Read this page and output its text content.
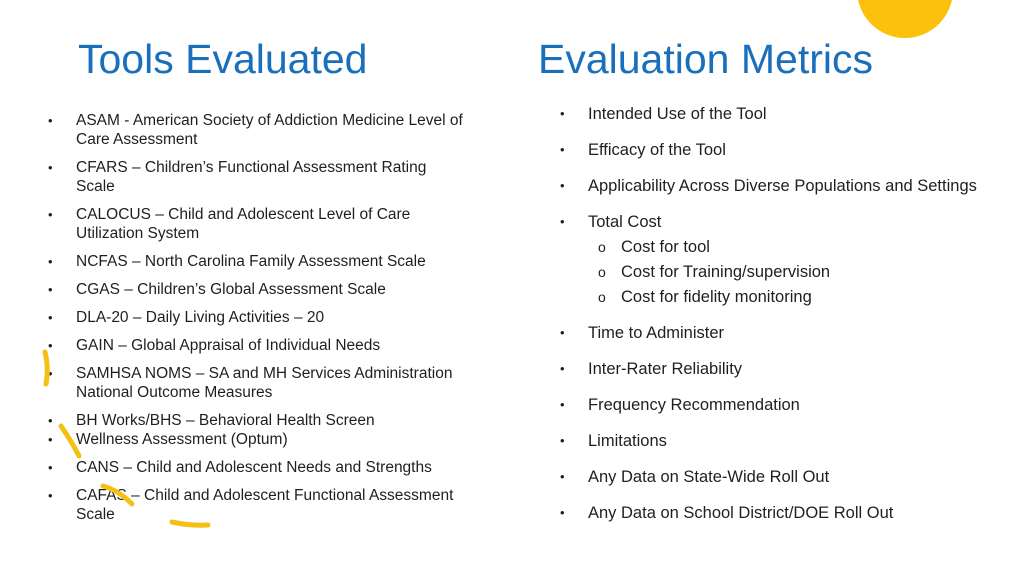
Tools Evaluated	Evaluation Metrics
•	ASAM - American Society of Addiction Medicine Level of Care Assessment
•	CFARS – Children’s Functional Assessment Rating Scale
•	CALOCUS – Child and Adolescent Level of Care Utilization System
•	NCFAS – North Carolina Family Assessment Scale
•	CGAS – Children’s Global Assessment Scale
•	DLA-20 – Daily Living Activities – 20
•	GAIN – Global Appraisal of Individual Needs
•	SAMHSA NOMS – SA and MH Services Administration National Outcome Measures
•	BH Works/BHS – Behavioral Health Screen
•	Wellness Assessment (Optum)
•	CANS – Child and Adolescent Needs and Strengths
•	CAFAS – Child and Adolescent Functional Assessment Scale
•	Intended Use of the Tool
•	Efficacy of the Tool
•	Applicability Across Diverse Populations and Settings
•	Total Cost
o Cost for tool
o Cost for Training/supervision
o Cost for fidelity monitoring
•	Time to Administer
•	Inter-Rater Reliability
•	Frequency Recommendation
•	Limitations
•	Any Data on State-Wide Roll Out
•	Any Data on School District/DOE Roll Out
